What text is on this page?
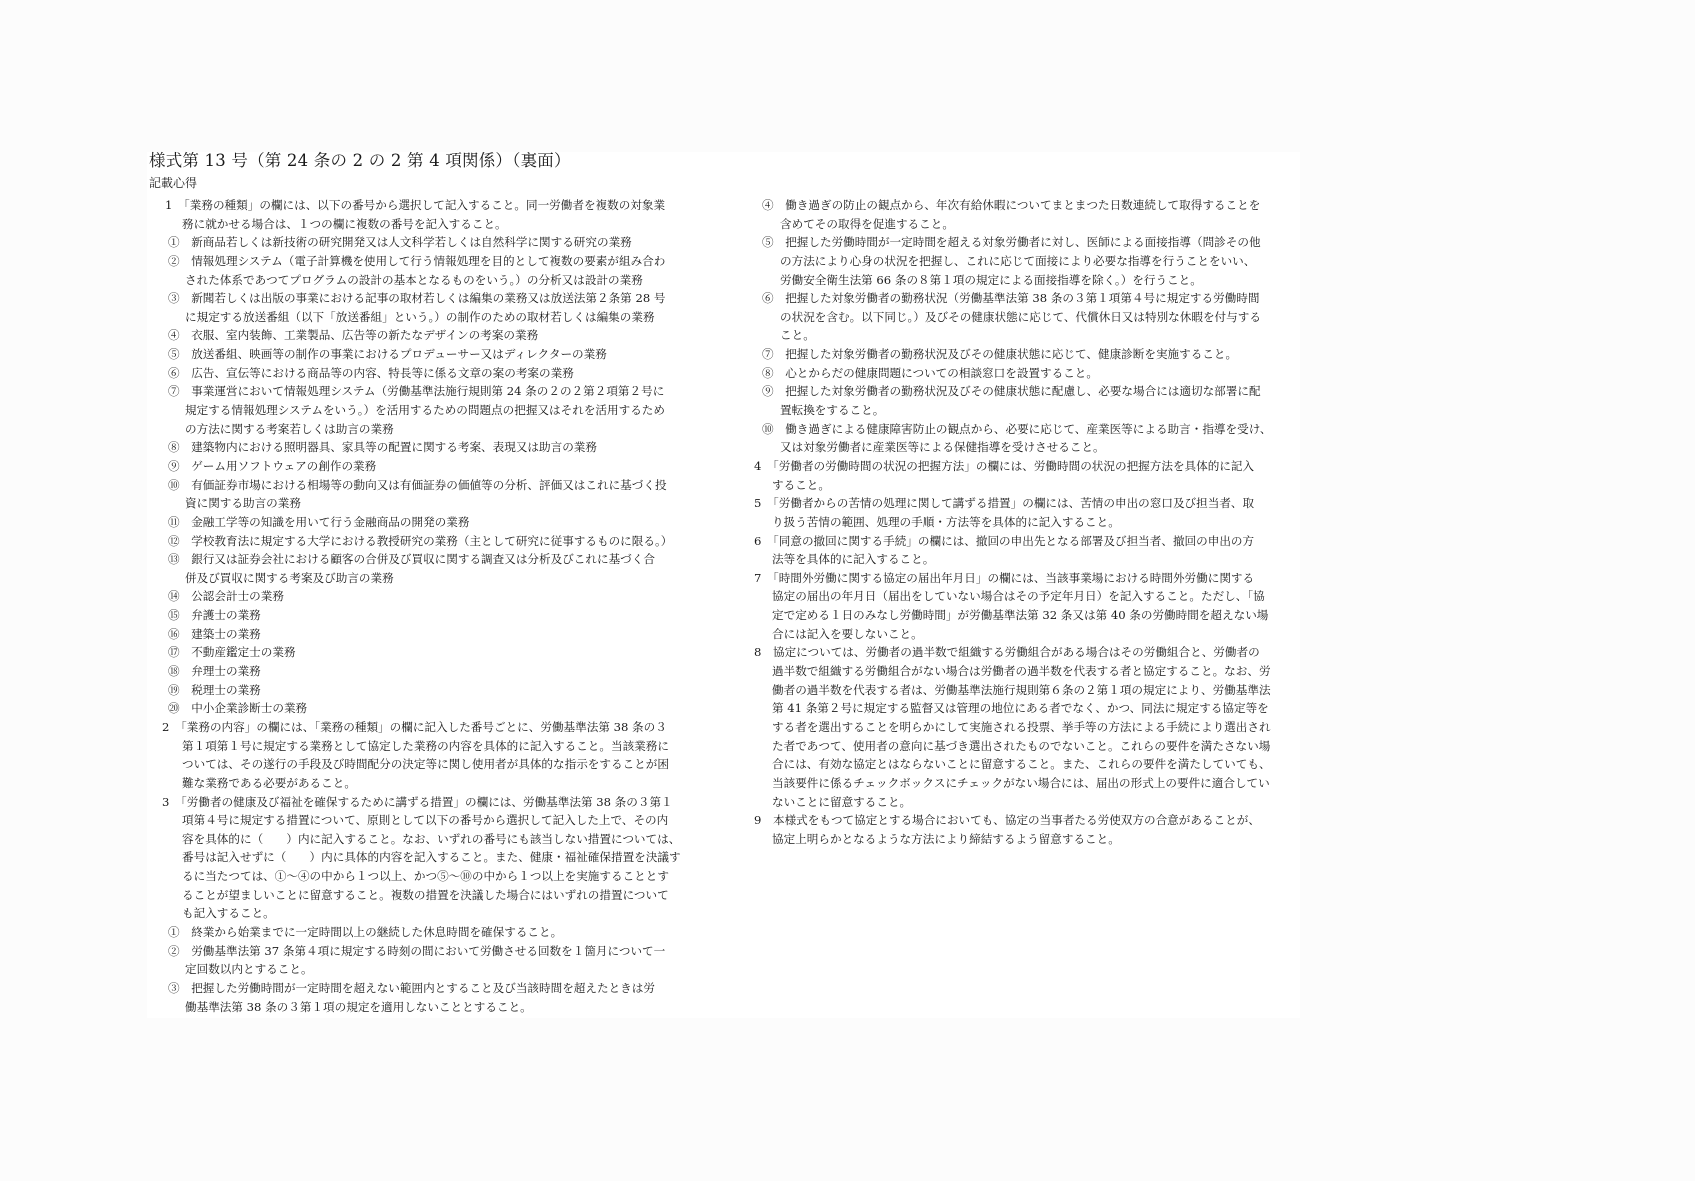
様式第 13 号（第 24 条の 2 の 2 第 4 項関係）（裏面）
記載心得
1　「業務の種類」の欄には、以下の番号から選択して記入すること。同一労働者を複数の対象業
務に就かせる場合は、１つの欄に複数の番号を記入すること。
①　新商品若しくは新技術の研究開発又は人文科学若しくは自然科学に関する研究の業務
②　情報処理システム（電子計算機を使用して行う情報処理を目的として複数の要素が組み合わ
された体系であつてプログラムの設計の基本となるものをいう。）の分析又は設計の業務
③　新聞若しくは出版の事業における記事の取材若しくは編集の業務又は放送法第２条第 28 号
に規定する放送番組（以下「放送番組」という。）の制作のための取材若しくは編集の業務
④　衣服、室内装飾、工業製品、広告等の新たなデザインの考案の業務
⑤　放送番組、映画等の制作の事業におけるプロデューサー又はディレクターの業務
⑥　広告、宣伝等における商品等の内容、特長等に係る文章の案の考案の業務
⑦　事業運営において情報処理システム（労働基準法施行規則第 24 条の２の２第２項第２号に
規定する情報処理システムをいう。）を活用するための問題点の把握又はそれを活用するため
の方法に関する考案若しくは助言の業務
⑧　建築物内における照明器具、家具等の配置に関する考案、表現又は助言の業務
⑨　ゲーム用ソフトウェアの創作の業務
⑩　有価証券市場における相場等の動向又は有価証券の価値等の分析、評価又はこれに基づく投
資に関する助言の業務
⑪　金融工学等の知識を用いて行う金融商品の開発の業務
⑫　学校教育法に規定する大学における教授研究の業務（主として研究に従事するものに限る。）
⑬　銀行又は証券会社における顧客の合併及び買収に関する調査又は分析及びこれに基づく合
併及び買収に関する考案及び助言の業務
⑭　公認会計士の業務
⑮　弁護士の業務
⑯　建築士の業務
⑰　不動産鑑定士の業務
⑱　弁理士の業務
⑲　税理士の業務
⑳　中小企業診断士の業務
2　「業務の内容」の欄には、「業務の種類」の欄に記入した番号ごとに、労働基準法第 38 条の３
第１項第１号に規定する業務として協定した業務の内容を具体的に記入すること。当該業務に
ついては、その遂行の手段及び時間配分の決定等に関し使用者が具体的な指示をすることが困
難な業務である必要があること。
3　「労働者の健康及び福祉を確保するために講ずる措置」の欄には、労働基準法第 38 条の３第１
項第４号に規定する措置について、原則として以下の番号から選択して記入した上で、その内
容を具体的に（　　）内に記入すること。なお、いずれの番号にも該当しない措置については、
番号は記入せずに（　　）内に具体的内容を記入すること。また、健康・福祉確保措置を決議す
るに当たつては、①～④の中から１つ以上、かつ⑤～⑩の中から１つ以上を実施することとす
ることが望ましいことに留意すること。複数の措置を決議した場合にはいずれの措置について
も記入すること。
①　終業から始業までに一定時間以上の継続した休息時間を確保すること。
②　労働基準法第 37 条第４項に規定する時刻の間において労働させる回数を１箇月について一
定回数以内とすること。
③　把握した労働時間が一定時間を超えない範囲内とすること及び当該時間を超えたときは労
働基準法第 38 条の３第１項の規定を適用しないこととすること。
④　働き過ぎの防止の観点から、年次有給休暇についてまとまつた日数連続して取得することを
含めてその取得を促進すること。
⑤　把握した労働時間が一定時間を超える対象労働者に対し、医師による面接指導（問診その他
の方法により心身の状況を把握し、これに応じて面接により必要な指導を行うことをいい、
労働安全衛生法第 66 条の８第１項の規定による面接指導を除く。）を行うこと。
⑥　把握した対象労働者の勤務状況（労働基準法第 38 条の３第１項第４号に規定する労働時間
の状況を含む。以下同じ。）及びその健康状態に応じて、代償休日又は特別な休暇を付与する
こと。
⑦　把握した対象労働者の勤務状況及びその健康状態に応じて、健康診断を実施すること。
⑧　心とからだの健康問題についての相談窓口を設置すること。
⑨　把握した対象労働者の勤務状況及びその健康状態に配慮し、必要な場合には適切な部署に配
置転換をすること。
⑩　働き過ぎによる健康障害防止の観点から、必要に応じて、産業医等による助言・指導を受け、
又は対象労働者に産業医等による保健指導を受けさせること。
4　「労働者の労働時間の状況の把握方法」の欄には、労働時間の状況の把握方法を具体的に記入
すること。
5　「労働者からの苦情の処理に関して講ずる措置」の欄には、苦情の申出の窓口及び担当者、取
り扱う苦情の範囲、処理の手順・方法等を具体的に記入すること。
6　「同意の撤回に関する手続」の欄には、撤回の申出先となる部署及び担当者、撤回の申出の方
法等を具体的に記入すること。
7　「時間外労働に関する協定の届出年月日」の欄には、当該事業場における時間外労働に関する
協定の届出の年月日（届出をしていない場合はその予定年月日）を記入すること。ただし、「協
定で定める１日のみなし労働時間」が労働基準法第 32 条又は第 40 条の労働時間を超えない場
合には記入を要しないこと。
8　協定については、労働者の過半数で組織する労働組合がある場合はその労働組合と、労働者の
過半数で組織する労働組合がない場合は労働者の過半数を代表する者と協定すること。なお、労
働者の過半数を代表する者は、労働基準法施行規則第６条の２第１項の規定により、労働基準法
第 41 条第２号に規定する監督又は管理の地位にある者でなく、かつ、同法に規定する協定等を
する者を選出することを明らかにして実施される投票、挙手等の方法による手続により選出され
た者であつて、使用者の意向に基づき選出されたものでないこと。これらの要件を満たさない場
合には、有効な協定とはならないことに留意すること。また、これらの要件を満たしていても、
当該要件に係るチェックボックスにチェックがない場合には、届出の形式上の要件に適合してい
ないことに留意すること。
9　本様式をもつて協定とする場合においても、協定の当事者たる労使双方の合意があることが、
協定上明らかとなるような方法により締結するよう留意すること。
